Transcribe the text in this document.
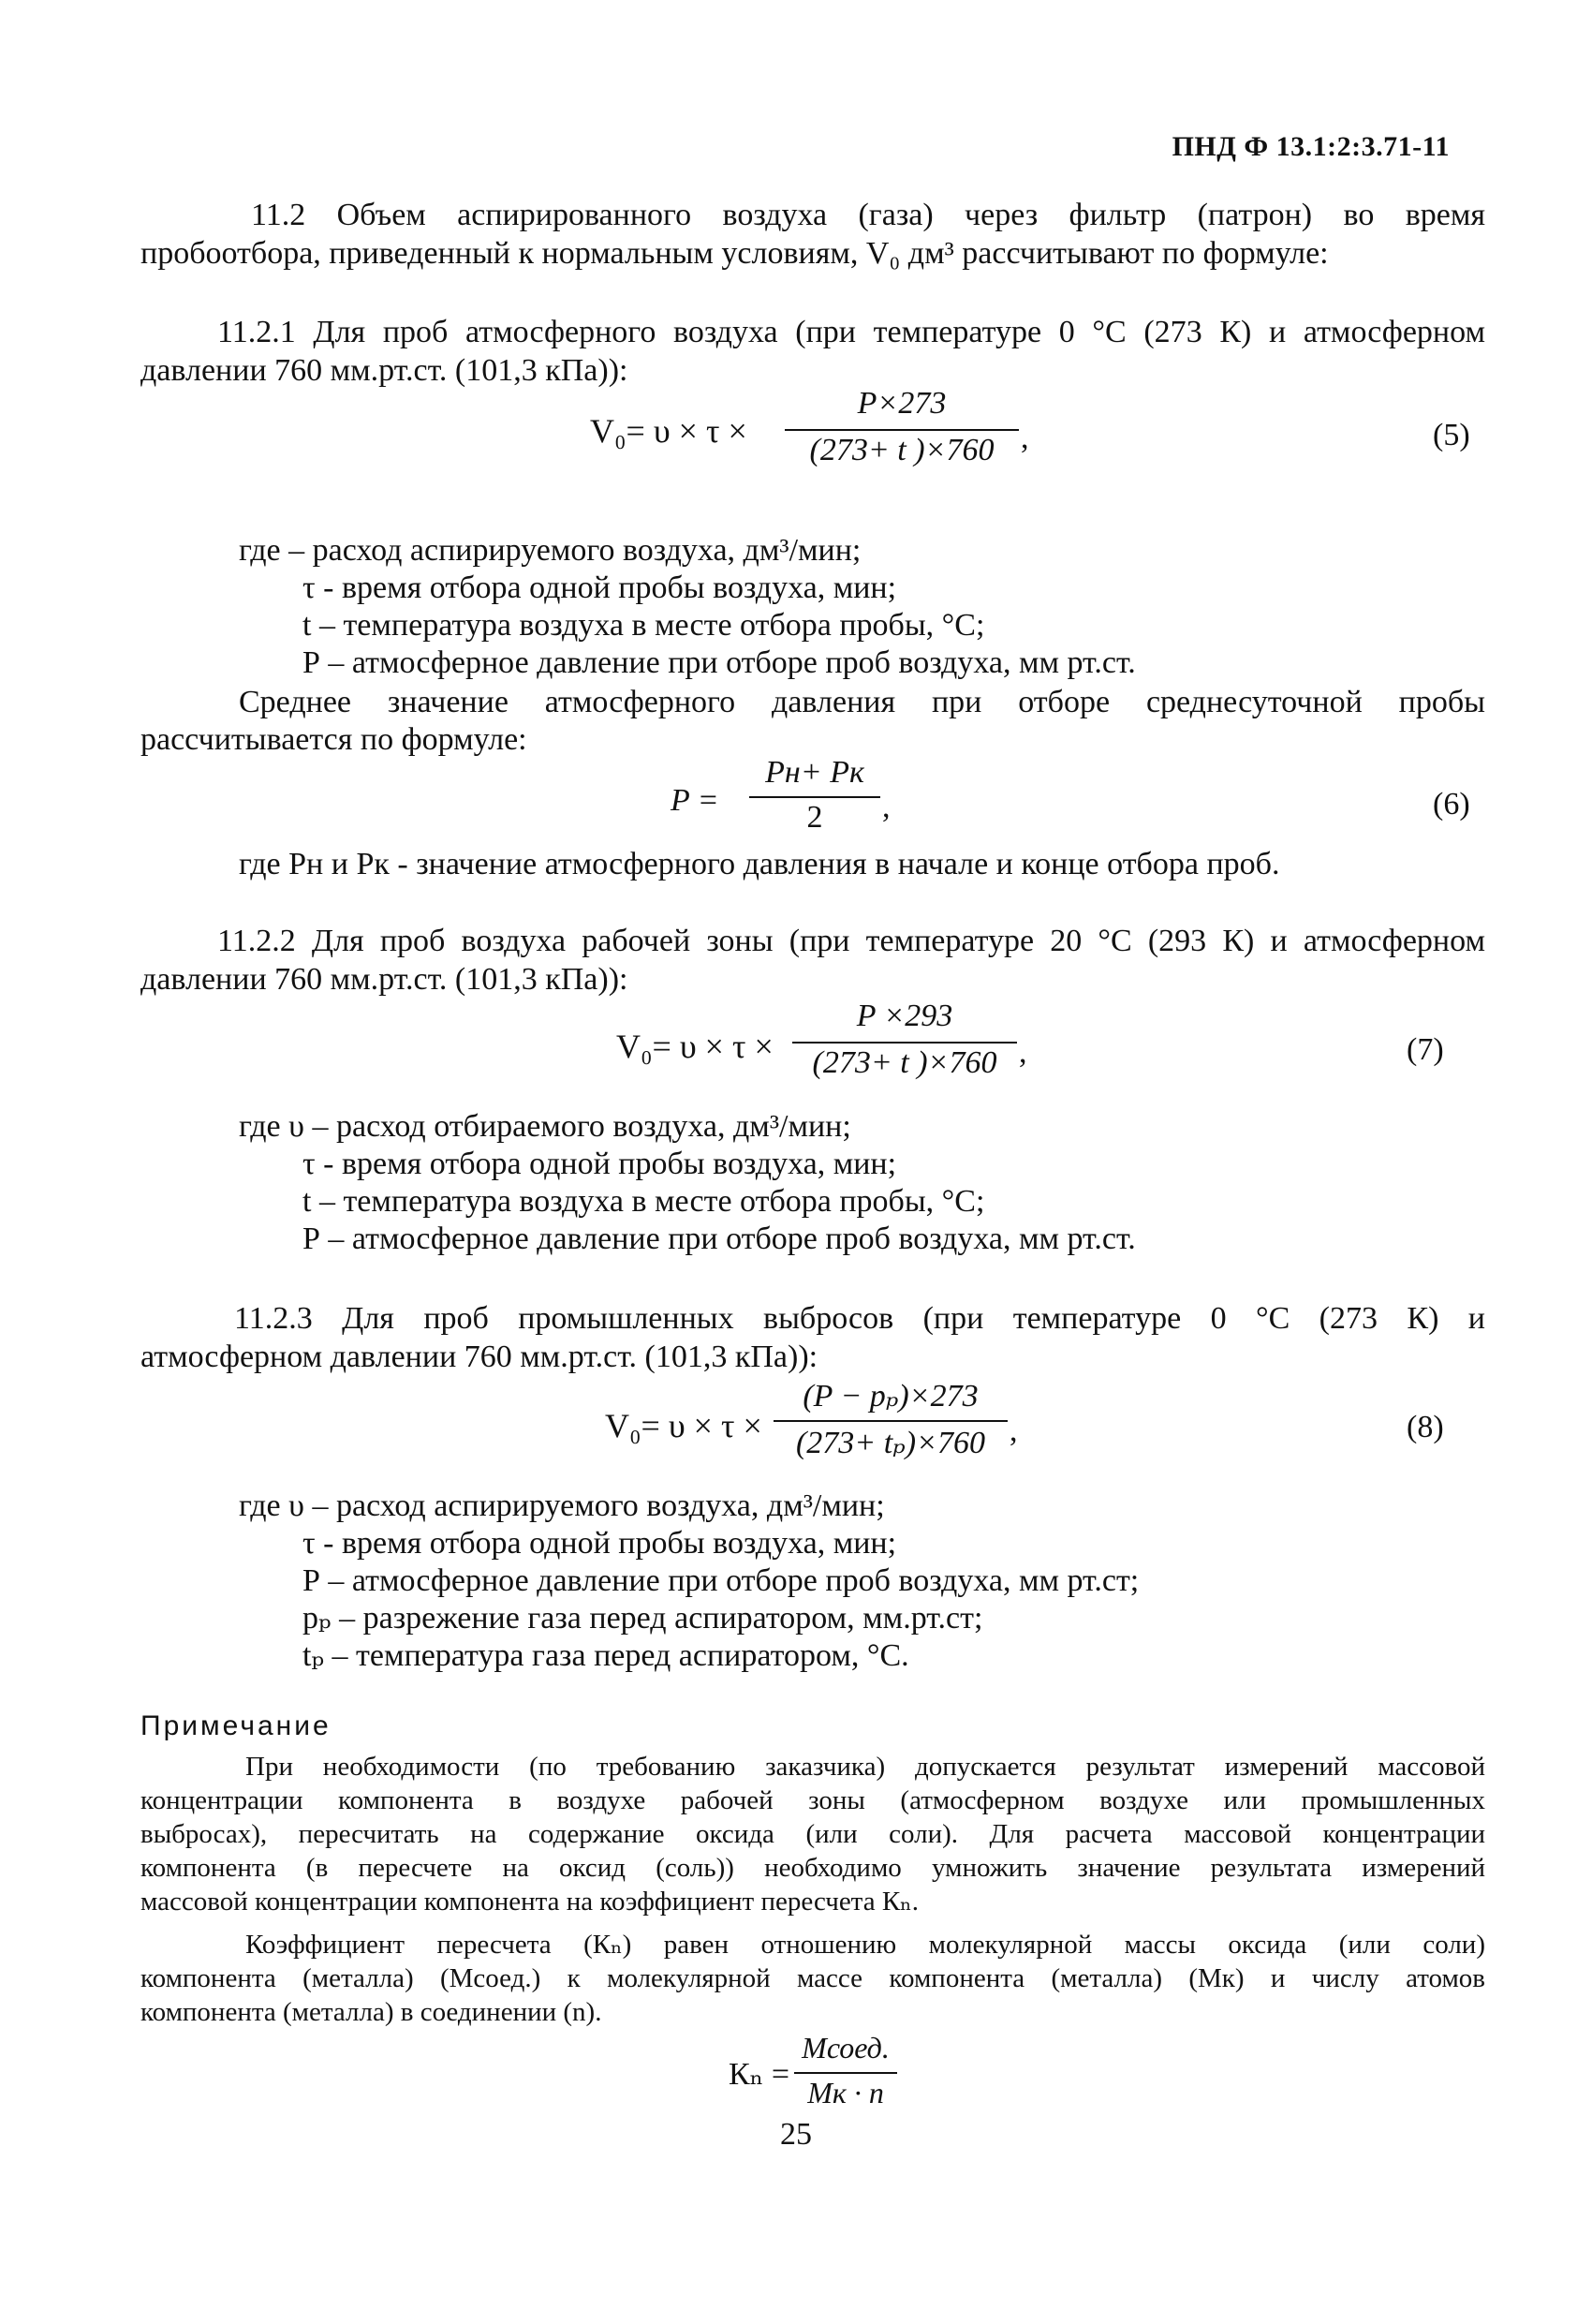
ПНД Ф 13.1:2:3.71-11
11.2 Объем аспирированного воздуха (газа) через фильтр (патрон) во время
пробоотбора, приведенный к нормальным условиям, V₀ дм³ рассчитывают по формуле:
11.2.1 Для проб атмосферного воздуха (при температуре 0 °С (273 К) и атмосферном
давлении 760 мм.рт.ст. (101,3 кПа)):
V₀= υ × τ ×
P×273
(273+ t )×760 ,	(5)
где – расход аспирируемого воздуха, дм³/мин;
τ - время отбора одной пробы воздуха, мин;
t – температура воздуха в месте отбора пробы, °С;
Р – атмосферное давление при отборе проб воздуха, мм рт.ст.
Среднее значение атмосферного давления при отборе среднесуточной пробы
рассчитывается по формуле:
P =
Pн+ Pк
2	,	(6)
где Рн и Рк - значение атмосферного давления в начале и конце отбора проб.
11.2.2 Для проб воздуха рабочей зоны (при температуре 20 °С (293 К) и атмосферном
давлении 760 мм.рт.ст. (101,3 кПа)):
V₀= υ × τ ×
P ×293
(273+ t )×760 ,	(7)
где υ – расход отбираемого воздуха, дм³/мин;
τ - время отбора одной пробы воздуха, мин;
t – температура воздуха в месте отбора пробы, °С;
Р – атмосферное давление при отборе проб воздуха, мм рт.ст.
11.2.3 Для проб промышленных выбросов (при температуре 0 °С (273 К) и
атмосферном давлении 760 мм.рт.ст. (101,3 кПа)):
V₀= υ × τ ×
(P − pₚ)×273
(273+ tₚ)×760 ,	(8)
где υ – расход аспирируемого воздуха, дм³/мин;
τ - время отбора одной пробы воздуха, мин;
Р – атмосферное давление при отборе проб воздуха, мм рт.ст;
pₚ – разрежение газа перед аспиратором, мм.рт.ст;
tₚ – температура газа перед аспиратором, °С.
Примечание
При необходимости (по требованию заказчика) допускается результат измерений массовой
концентрации компонента в воздухе рабочей зоны (атмосферном воздухе или промышленных
выбросах), пересчитать на содержание оксида (или соли). Для расчета массовой концентрации
компонента (в пересчете на оксид (соль)) необходимо умножить значение результата измерений
массовой концентрации компонента на коэффициент пересчета Кₙ.
Коэффициент пересчета (Кₙ) равен отношению молекулярной массы оксида (или соли)
компонента (металла) (Мсоед.) к молекулярной массе компонента (металла) (Мк) и числу атомов
компонента (металла) в соединении (n).
Кₙ =
Mсоед.
Mк · n
25
